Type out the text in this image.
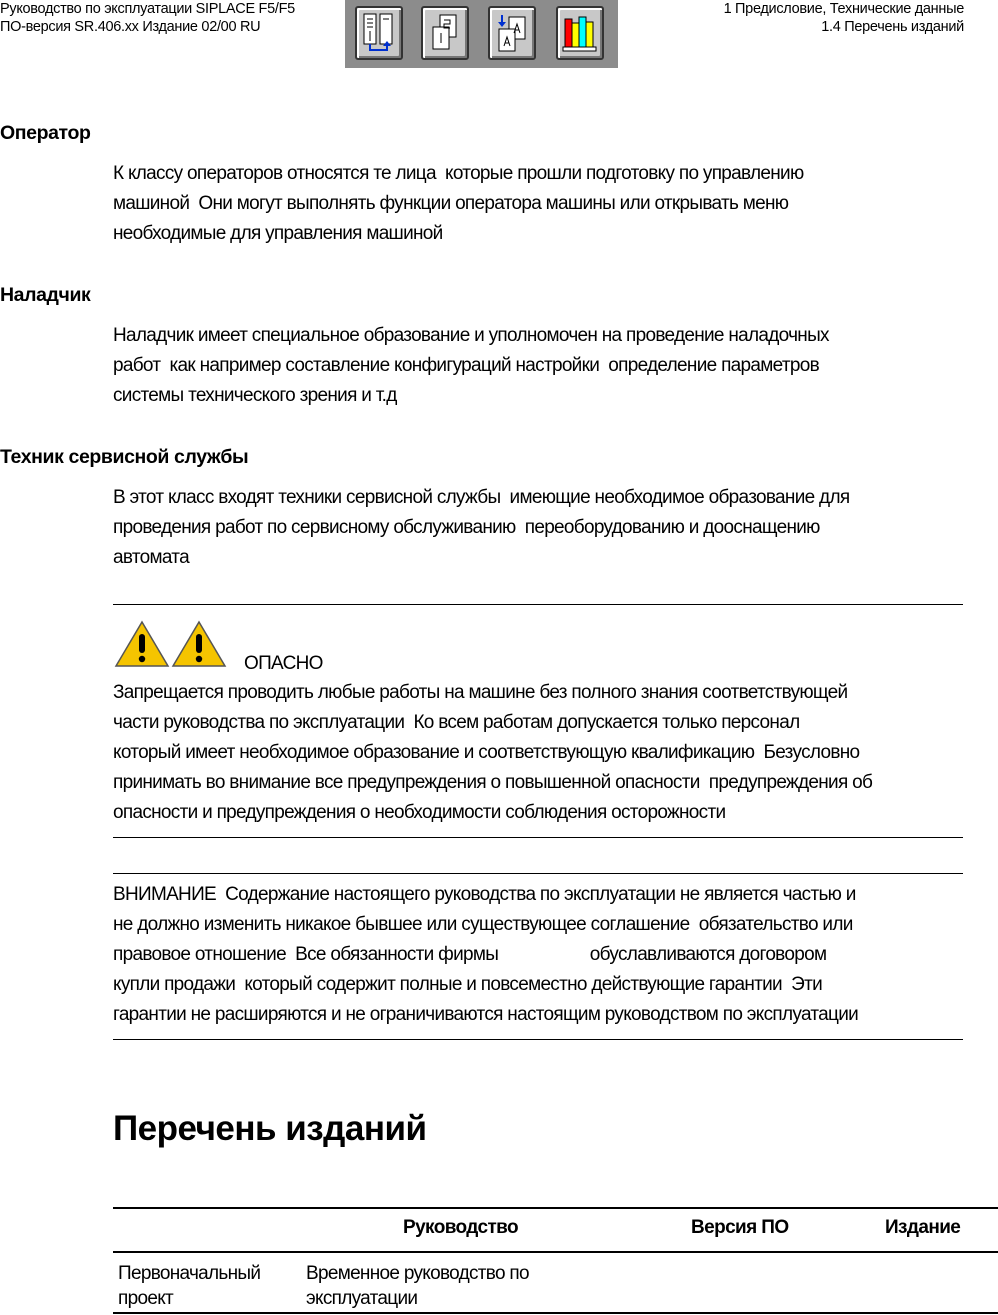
Руководство по эксплуатации SIPLACE F5/F5
ПО-версия SR.406.xx Издание 02/00 RU
1 Предисловие, Технические данные
1.4 Перечень изданий
Оператор
К классу операторов относятся те лица  которые прошли подготовку по управлению
машиной  Они могут выполнять функции оператора машины или открывать меню
необходимые для управления машиной
Наладчик
Наладчик имеет специальное образование и уполномочен на проведение наладочных
работ  как например составление конфигураций настройки  определение параметров
системы технического зрения и т.д
Техник сервисной службы
В этот класс входят техники сервисной службы  имеющие необходимое образование для
проведения работ по сервисному обслуживанию  переоборудованию и дооснащению
автомата
ОПАСНО
Запрещается проводить любые работы на машине без полного знания соответствующей
части руководства по эксплуатации  Ко всем работам допускается только персонал
который имеет необходимое образование и соответствующую квалификацию  Безусловно
принимать во внимание все предупреждения о повышенной опасности  предупреждения об
опасности и предупреждения о необходимости соблюдения осторожности
ВНИМАНИЕ  Содержание настоящего руководства по эксплуатации не является частью и
не должно изменить никакое бывшее или существующее соглашение  обязательство или
правовое отношение  Все обязанности фирмы                    обуславливаются договором
купли продажи  который содержит полные и повсеместно действующие гарантии  Эти
гарантии не расширяются и не ограничиваются настоящим руководством по эксплуатации
Перечень изданий
Руководство	Версия ПО	Издание
Первоначальный
проект
Временное руководство по
эксплуатации
